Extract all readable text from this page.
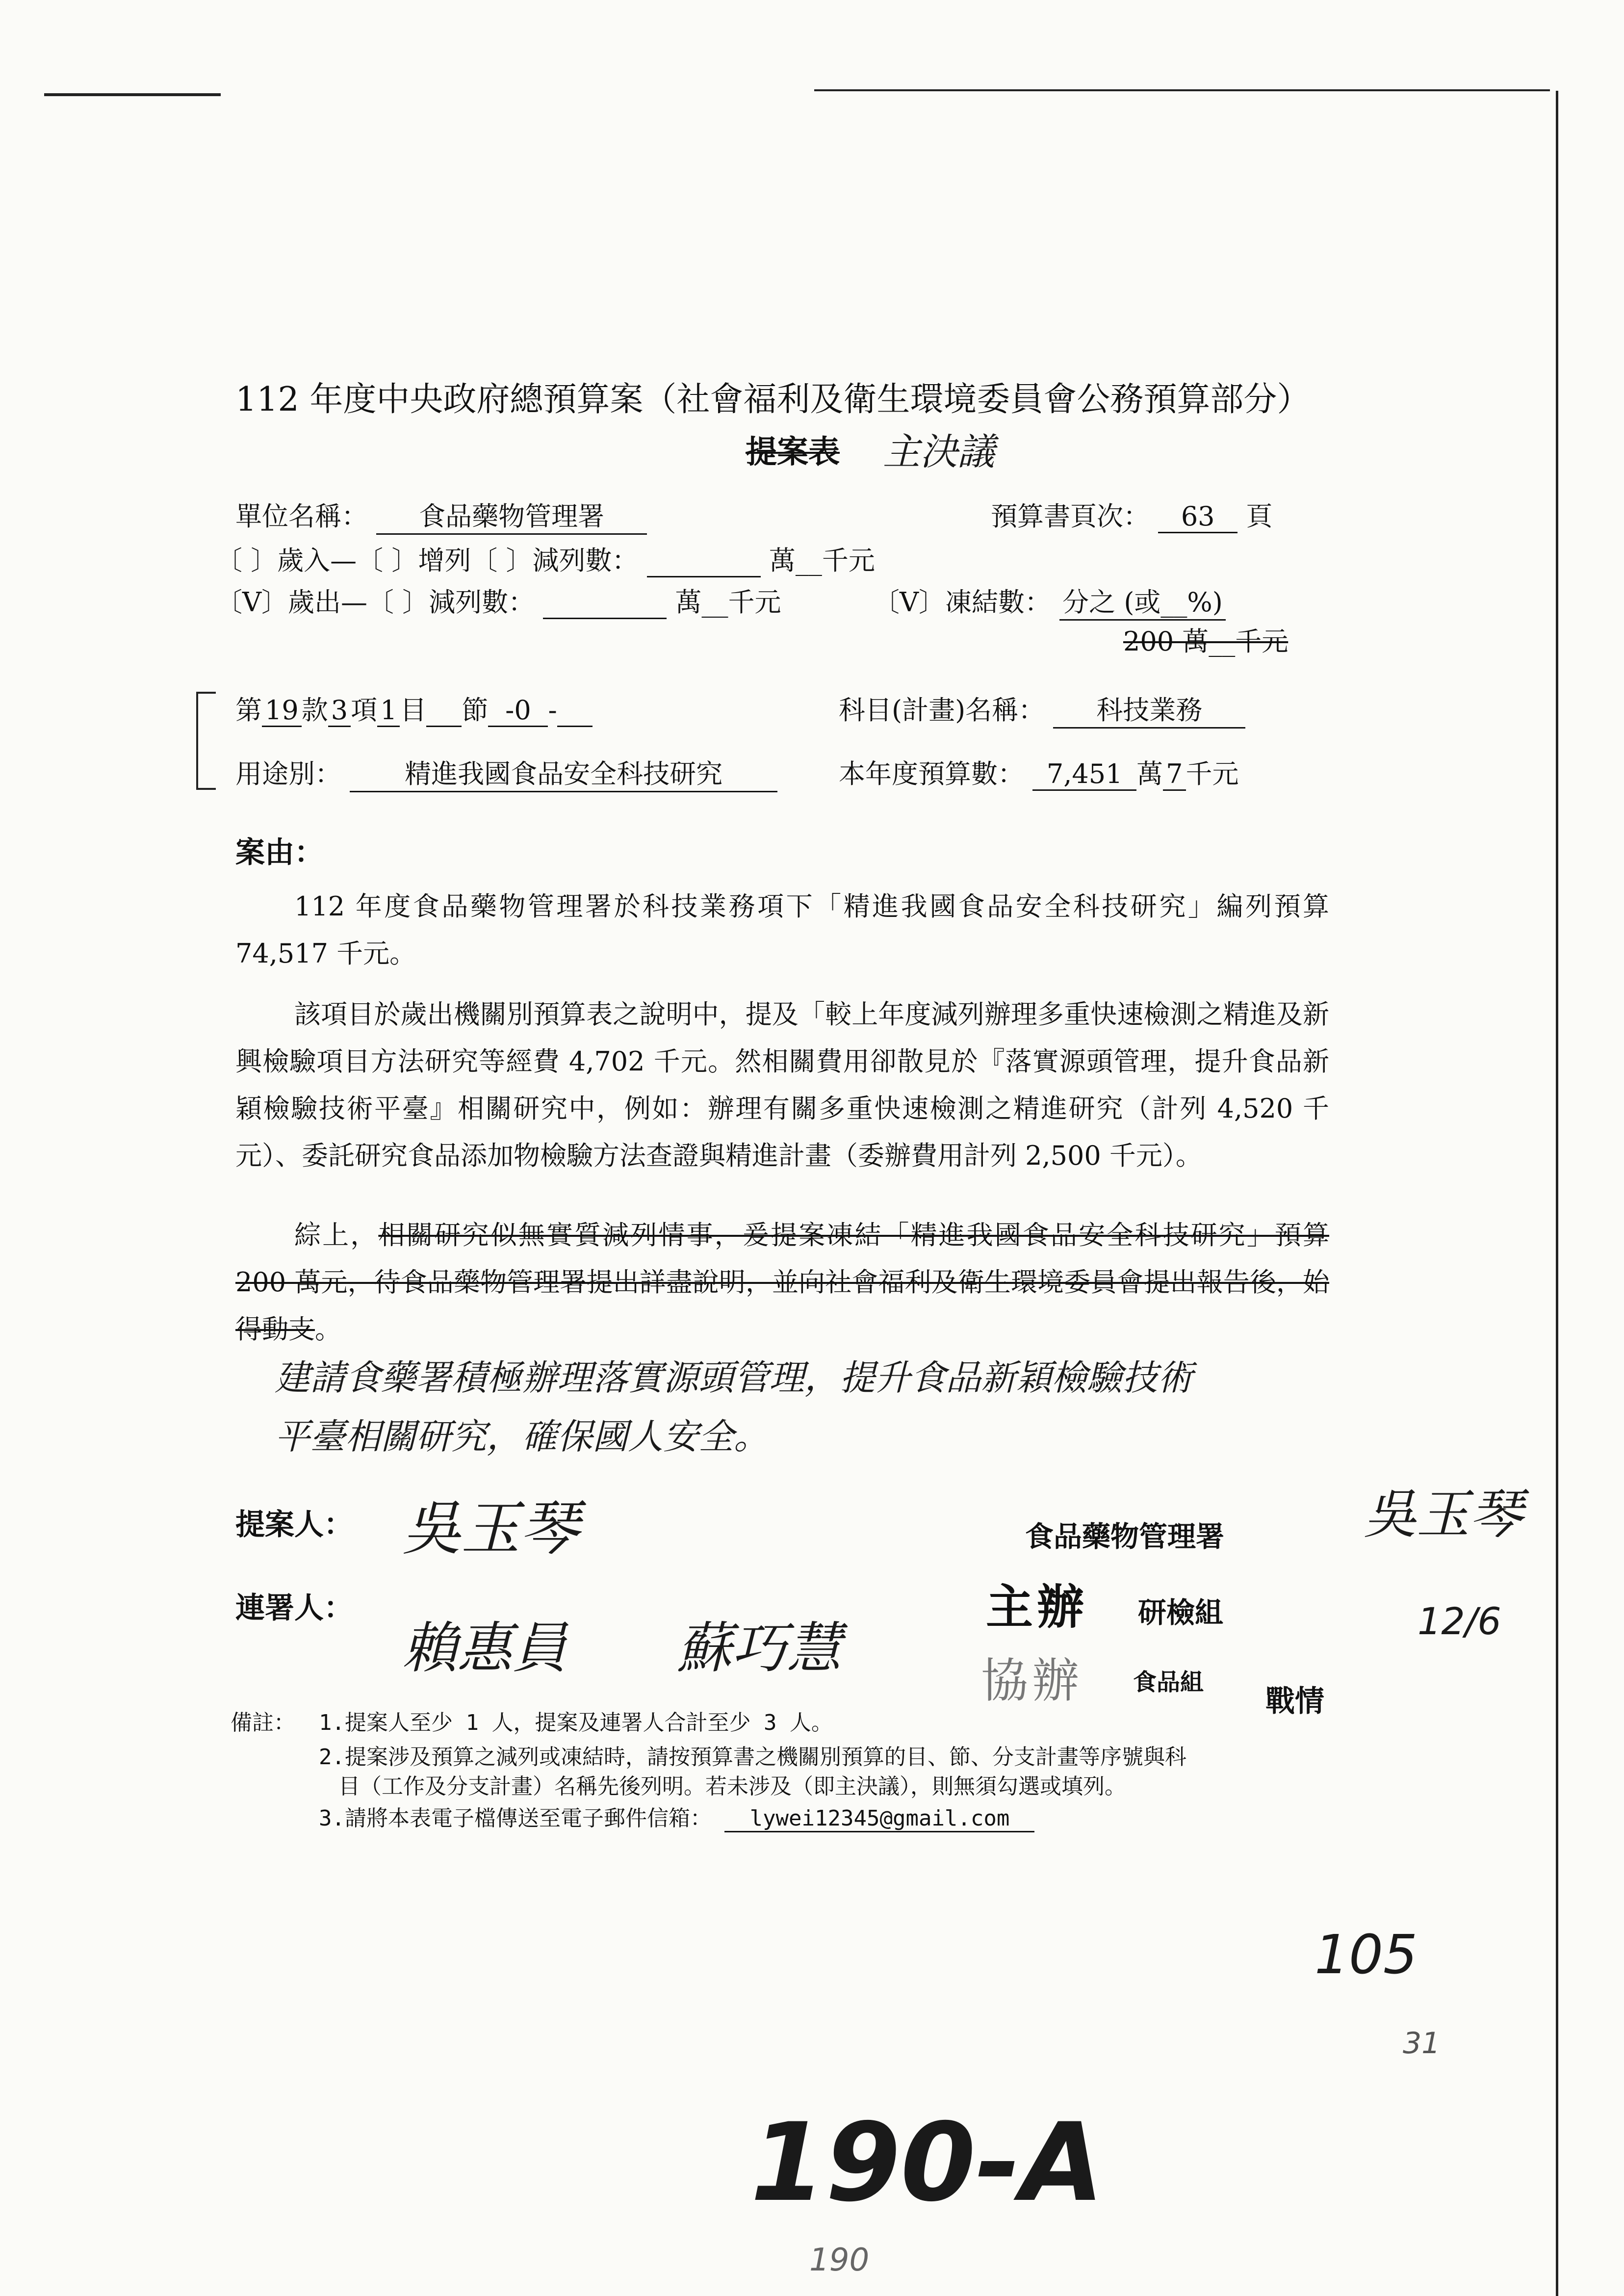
112 年度中央政府總預算案（社會福利及衛生環境委員會公務預算部分）
提案表 主決議
單位名稱： 食品藥物管理署	預算書頁次： 63 頁
〔 〕歲入—〔 〕增列〔 〕減列數：	萬__千元
〔V〕歲出—〔 〕減列數：	萬__千元	〔V〕凍結數： 分之 (或__%)
200 萬__千元
第 19 款 3 項 1 目 節 -0 -	科目(計畫)名稱： 科技業務
用途別： 精進我國食品安全科技研究	本年度預算數： 7,451 萬 7 千元
案由：
112 年度食品藥物管理署於科技業務項下「精進我國食品安全科技研究」編列預算 74,517 千元。
該項目於歲出機關別預算表之說明中，提及「較上年度減列辦理多重快速檢測之精進及新興檢驗項目方法研究等經費 4,702 千元。然相關費用卻散見於『落實源頭管理，提升食品新穎檢驗技術平臺』相關研究中，例如：辦理有關多重快速檢測之精進研究（計列 4,520 千元）、委託研究食品添加物檢驗方法查證與精進計畫（委辦費用計列 2,500 千元）。
綜上，相關研究似無實質減列情事，爰提案凍結「精進我國食品安全科技研究」預算 200 萬元，待食品藥物管理署提出詳盡說明，並向社會福利及衛生環境委員會提出報告後，始得動支。
建請食藥署積極辦理落實源頭管理，提升食品新穎檢驗技術
平臺相關研究，確保國人安全。
提案人： 吳玉琴	食品藥物管理署	吳玉琴
12/6
連署人：
賴惠員 蘇巧慧
主辦 研檢組
協辦 食品組
戰情
備註： 1.提案人至少 1 人，提案及連署人合計至少 3 人。
2.提案涉及預算之減列或凍結時，請按預算書之機關別預算的目、節、分支計畫等序號與科
目（工作及分支計畫）名稱先後列明。若未涉及（即主決議），則無須勾選或填列。
3.請將本表電子檔傳送至電子郵件信箱： lywei12345@gmail.com
105
31
190-A
190
